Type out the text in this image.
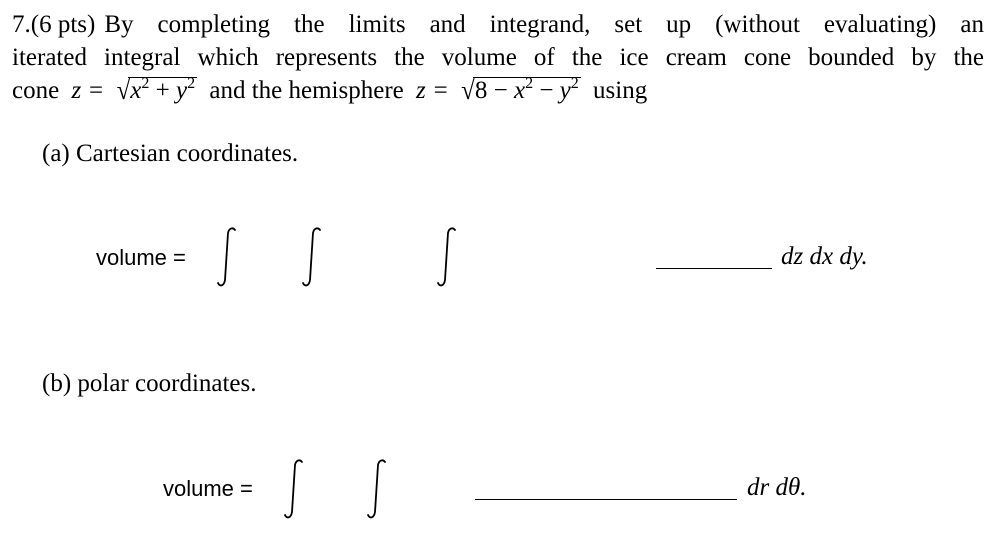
7. (6 pts) By completing the limits and integrand, set up (without evaluating) an
iterated integral which represents the volume of the ice cream cone bounded by the
cone $z = √x^2 + y^2$ and the hemisphere $z = √8 - x^2 - y^2$ using
(a) Cartesian coordinates.
volume =	dz dx dy.
(b) polar coordinates.
volume =	dr dθ.
